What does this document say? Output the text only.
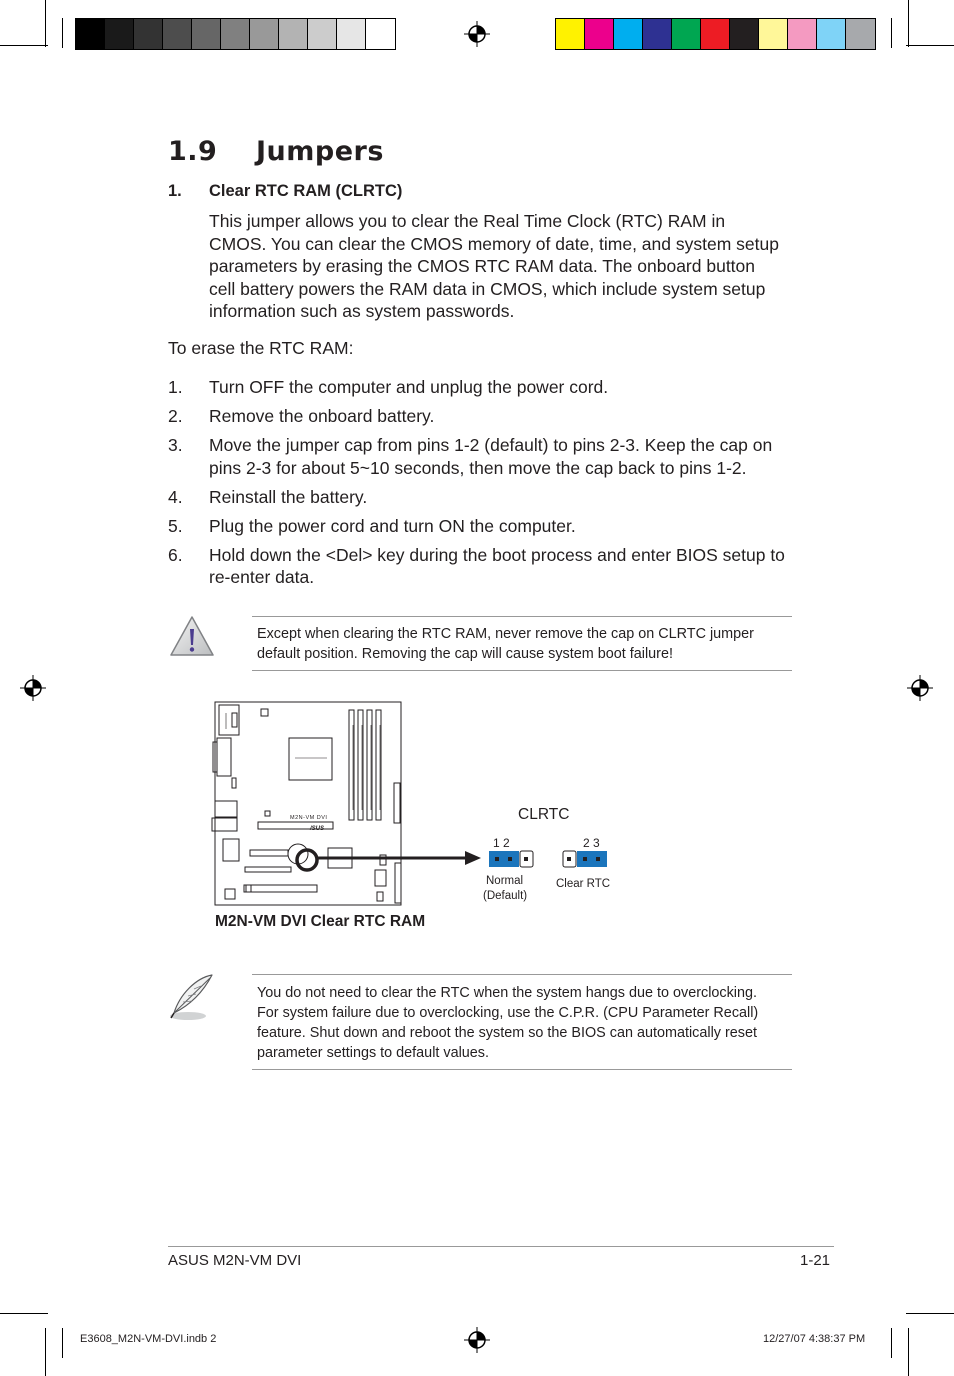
1.9 Jumpers
1. Clear RTC RAM (CLRTC)
This jumper allows you to clear the Real Time Clock (RTC) RAM in
CMOS. You can clear the CMOS memory of date, time, and system setup
parameters by erasing the CMOS RTC RAM data. The onboard button
cell battery powers the RAM data in CMOS, which include system setup
information such as system passwords.
To erase the RTC RAM:
1.	Turn OFF the computer and unplug the power cord.
2.	Remove the onboard battery.
3.	Move the jumper cap from pins 1-2 (default) to pins 2-3. Keep the cap on pins 2-3 for about 5~10 seconds, then move the cap back to pins 1-2.
4.	Reinstall the battery.
5.	Plug the power cord and turn ON the computer.
6.	Hold down the <Del> key during the boot process and enter BIOS setup to re-enter data.
Except when clearing the RTC RAM, never remove the cap on CLRTC jumper
default position. Removing the cap will cause system boot failure!
M2N-VM DVI
/SUS
CLRTC
1 2	2 3
Normal
(Default)
Clear RTC
M2N-VM DVI Clear RTC RAM
You do not need to clear the RTC when the system hangs due to overclocking.
For system failure due to overclocking, use the C.P.R. (CPU Parameter Recall)
feature. Shut down and reboot the system so the BIOS can automatically reset
parameter settings to default values.
ASUS M2N-VM DVI	1-21
E3608_M2N-VM-DVI.indb 2	12/27/07 4:38:37 PM
